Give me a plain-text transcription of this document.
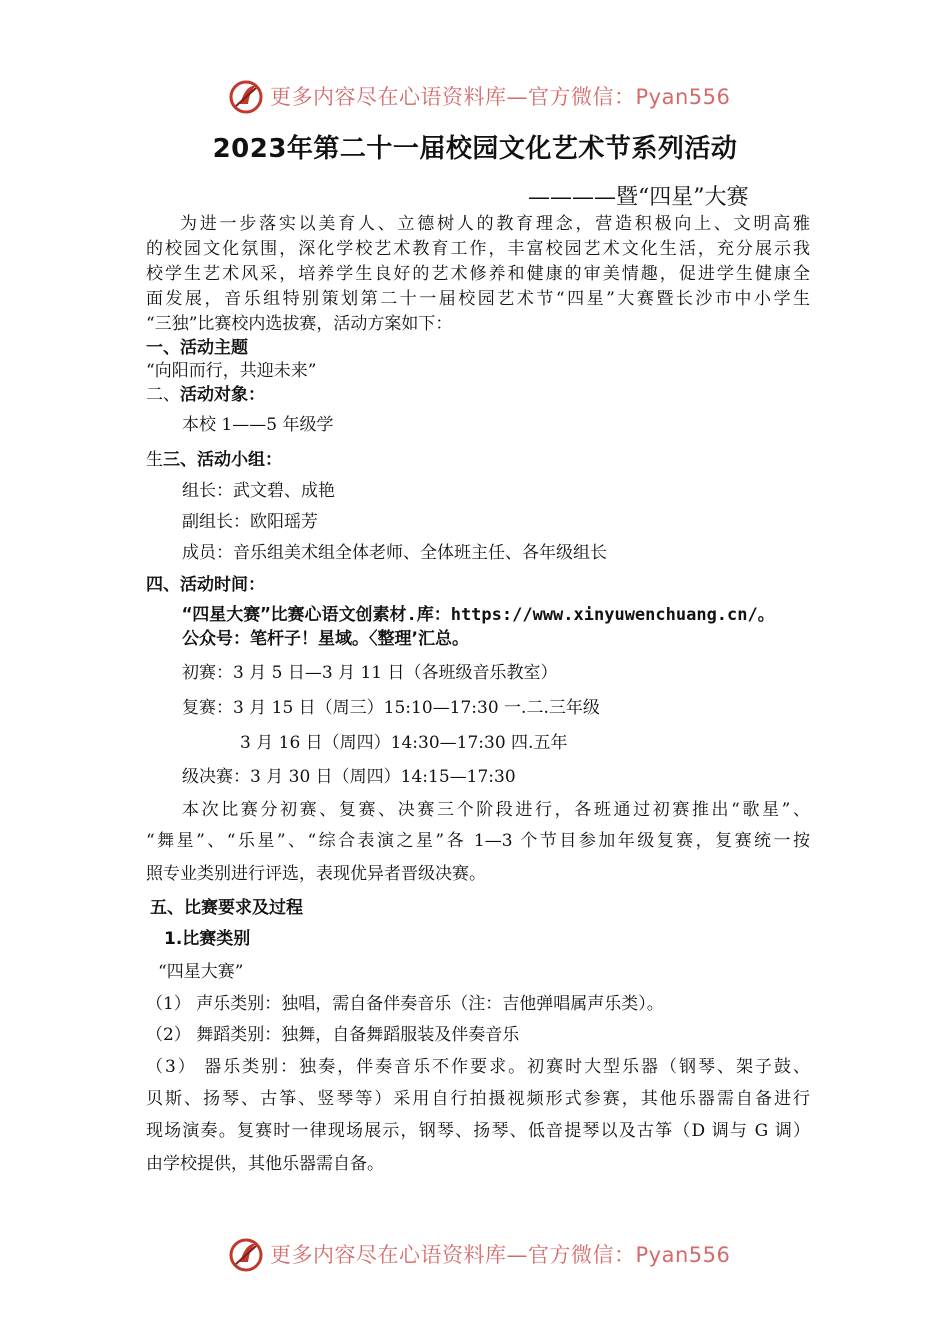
更多内容尽在心语资料库—官方微信：Pyan556
2023年第二十一届校园文化艺术节系列活动
————暨“四星”大赛
为进一步落实以美育人、立德树人的教育理念，营造积极向上、文明高雅
的校园文化氛围，深化学校艺术教育工作，丰富校园艺术文化生活，充分展示我
校学生艺术风采，培养学生良好的艺术修养和健康的审美情趣，促进学生健康全
面发展，音乐组特别策划第二十一届校园艺术节“四星”大赛暨长沙市中小学生
“三独”比赛校内选拔赛，活动方案如下：
一、活动主题
“向阳而行，共迎未来”
二、活动对象：
本校 1——5 年级学
生三、活动小组：
组长：武文碧、成艳
副组长：欧阳瑶芳
成员：音乐组美术组全体老师、全体班主任、各年级组长
四、活动时间：
“四星大赛”比赛心语文创素材.库：https://www.xinyuwenchuang.cn/。
公众号：笔杆子！星域。〈整理’汇总。
初赛：3 月 5 日—3 月 11 日（各班级音乐教室）
复赛：3 月 15 日（周三）15:10—17:30 一.二.三年级
3 月 16 日（周四）14:30—17:30 四.五年
级决赛：3 月 30 日（周四）14:15—17:30
本次比赛分初赛、复赛、决赛三个阶段进行，各班通过初赛推出“歌星”、
“舞星”、“乐星”、“综合表演之星”各 1—3 个节目参加年级复赛，复赛统一按
照专业类别进行评选，表现优异者晋级决赛。
五、比赛要求及过程
1.比赛类别
“四星大赛”
（1） 声乐类别：独唱，需自备伴奏音乐（注：吉他弹唱属声乐类）。
（2） 舞蹈类别：独舞，自备舞蹈服装及伴奏音乐
（3） 器乐类别：独奏，伴奏音乐不作要求。初赛时大型乐器（钢琴、架子鼓、
贝斯、扬琴、古筝、竖琴等）采用自行拍摄视频形式参赛，其他乐器需自备进行
现场演奏。复赛时一律现场展示，钢琴、扬琴、低音提琴以及古筝（D 调与 G 调）
由学校提供，其他乐器需自备。
更多内容尽在心语资料库—官方微信：Pyan556
